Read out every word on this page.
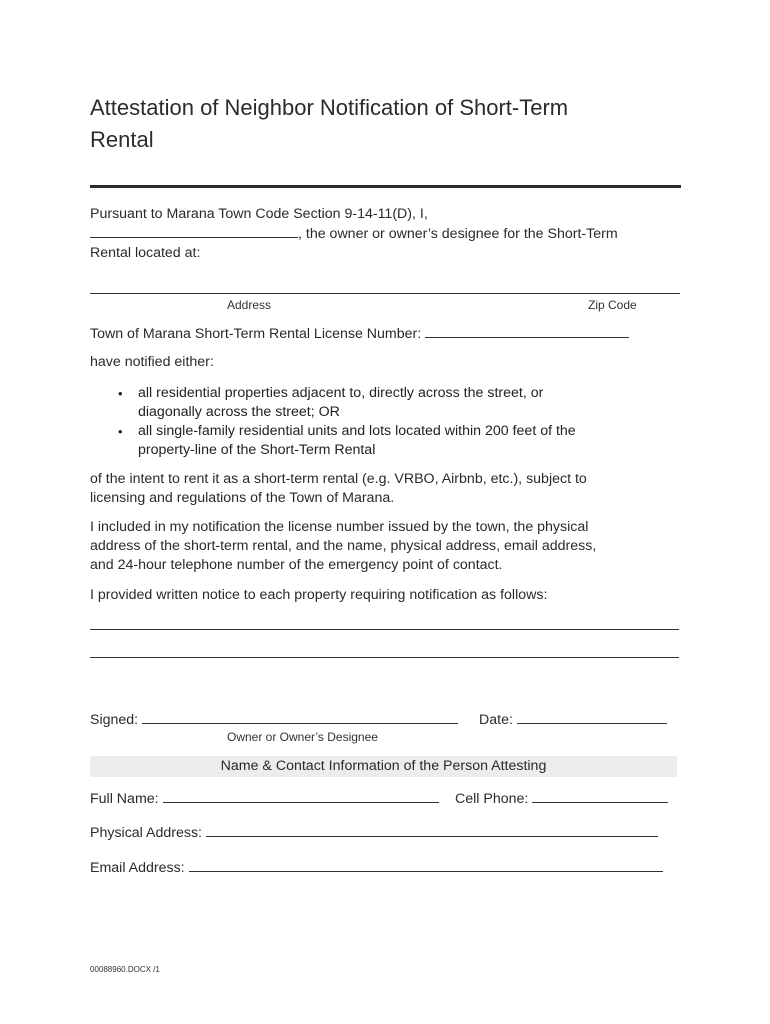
Attestation of Neighbor Notification of Short-Term
Rental
Pursuant to Marana Town Code Section 9-14-11(D), I,
, the owner or owner’s designee for the Short-Term
Rental located at:
Address	Zip Code
Town of Marana Short-Term Rental License Number:
have notified either:
• all residential properties adjacent to, directly across the street, or
diagonally across the street; OR
• all single-family residential units and lots located within 200 feet of the
property-line of the Short-Term Rental
of the intent to rent it as a short-term rental (e.g. VRBO, Airbnb, etc.), subject to
licensing and regulations of the Town of Marana.
I included in my notification the license number issued by the town, the physical
address of the short-term rental, and the name, physical address, email address,
and 24-hour telephone number of the emergency point of contact.
I provided written notice to each property requiring notification as follows:
Signed:	Date:
Owner or Owner’s Designee
Name & Contact Information of the Person Attesting
Full Name:	Cell Phone:
Physical Address:
Email Address:
00088960.DOCX /1
